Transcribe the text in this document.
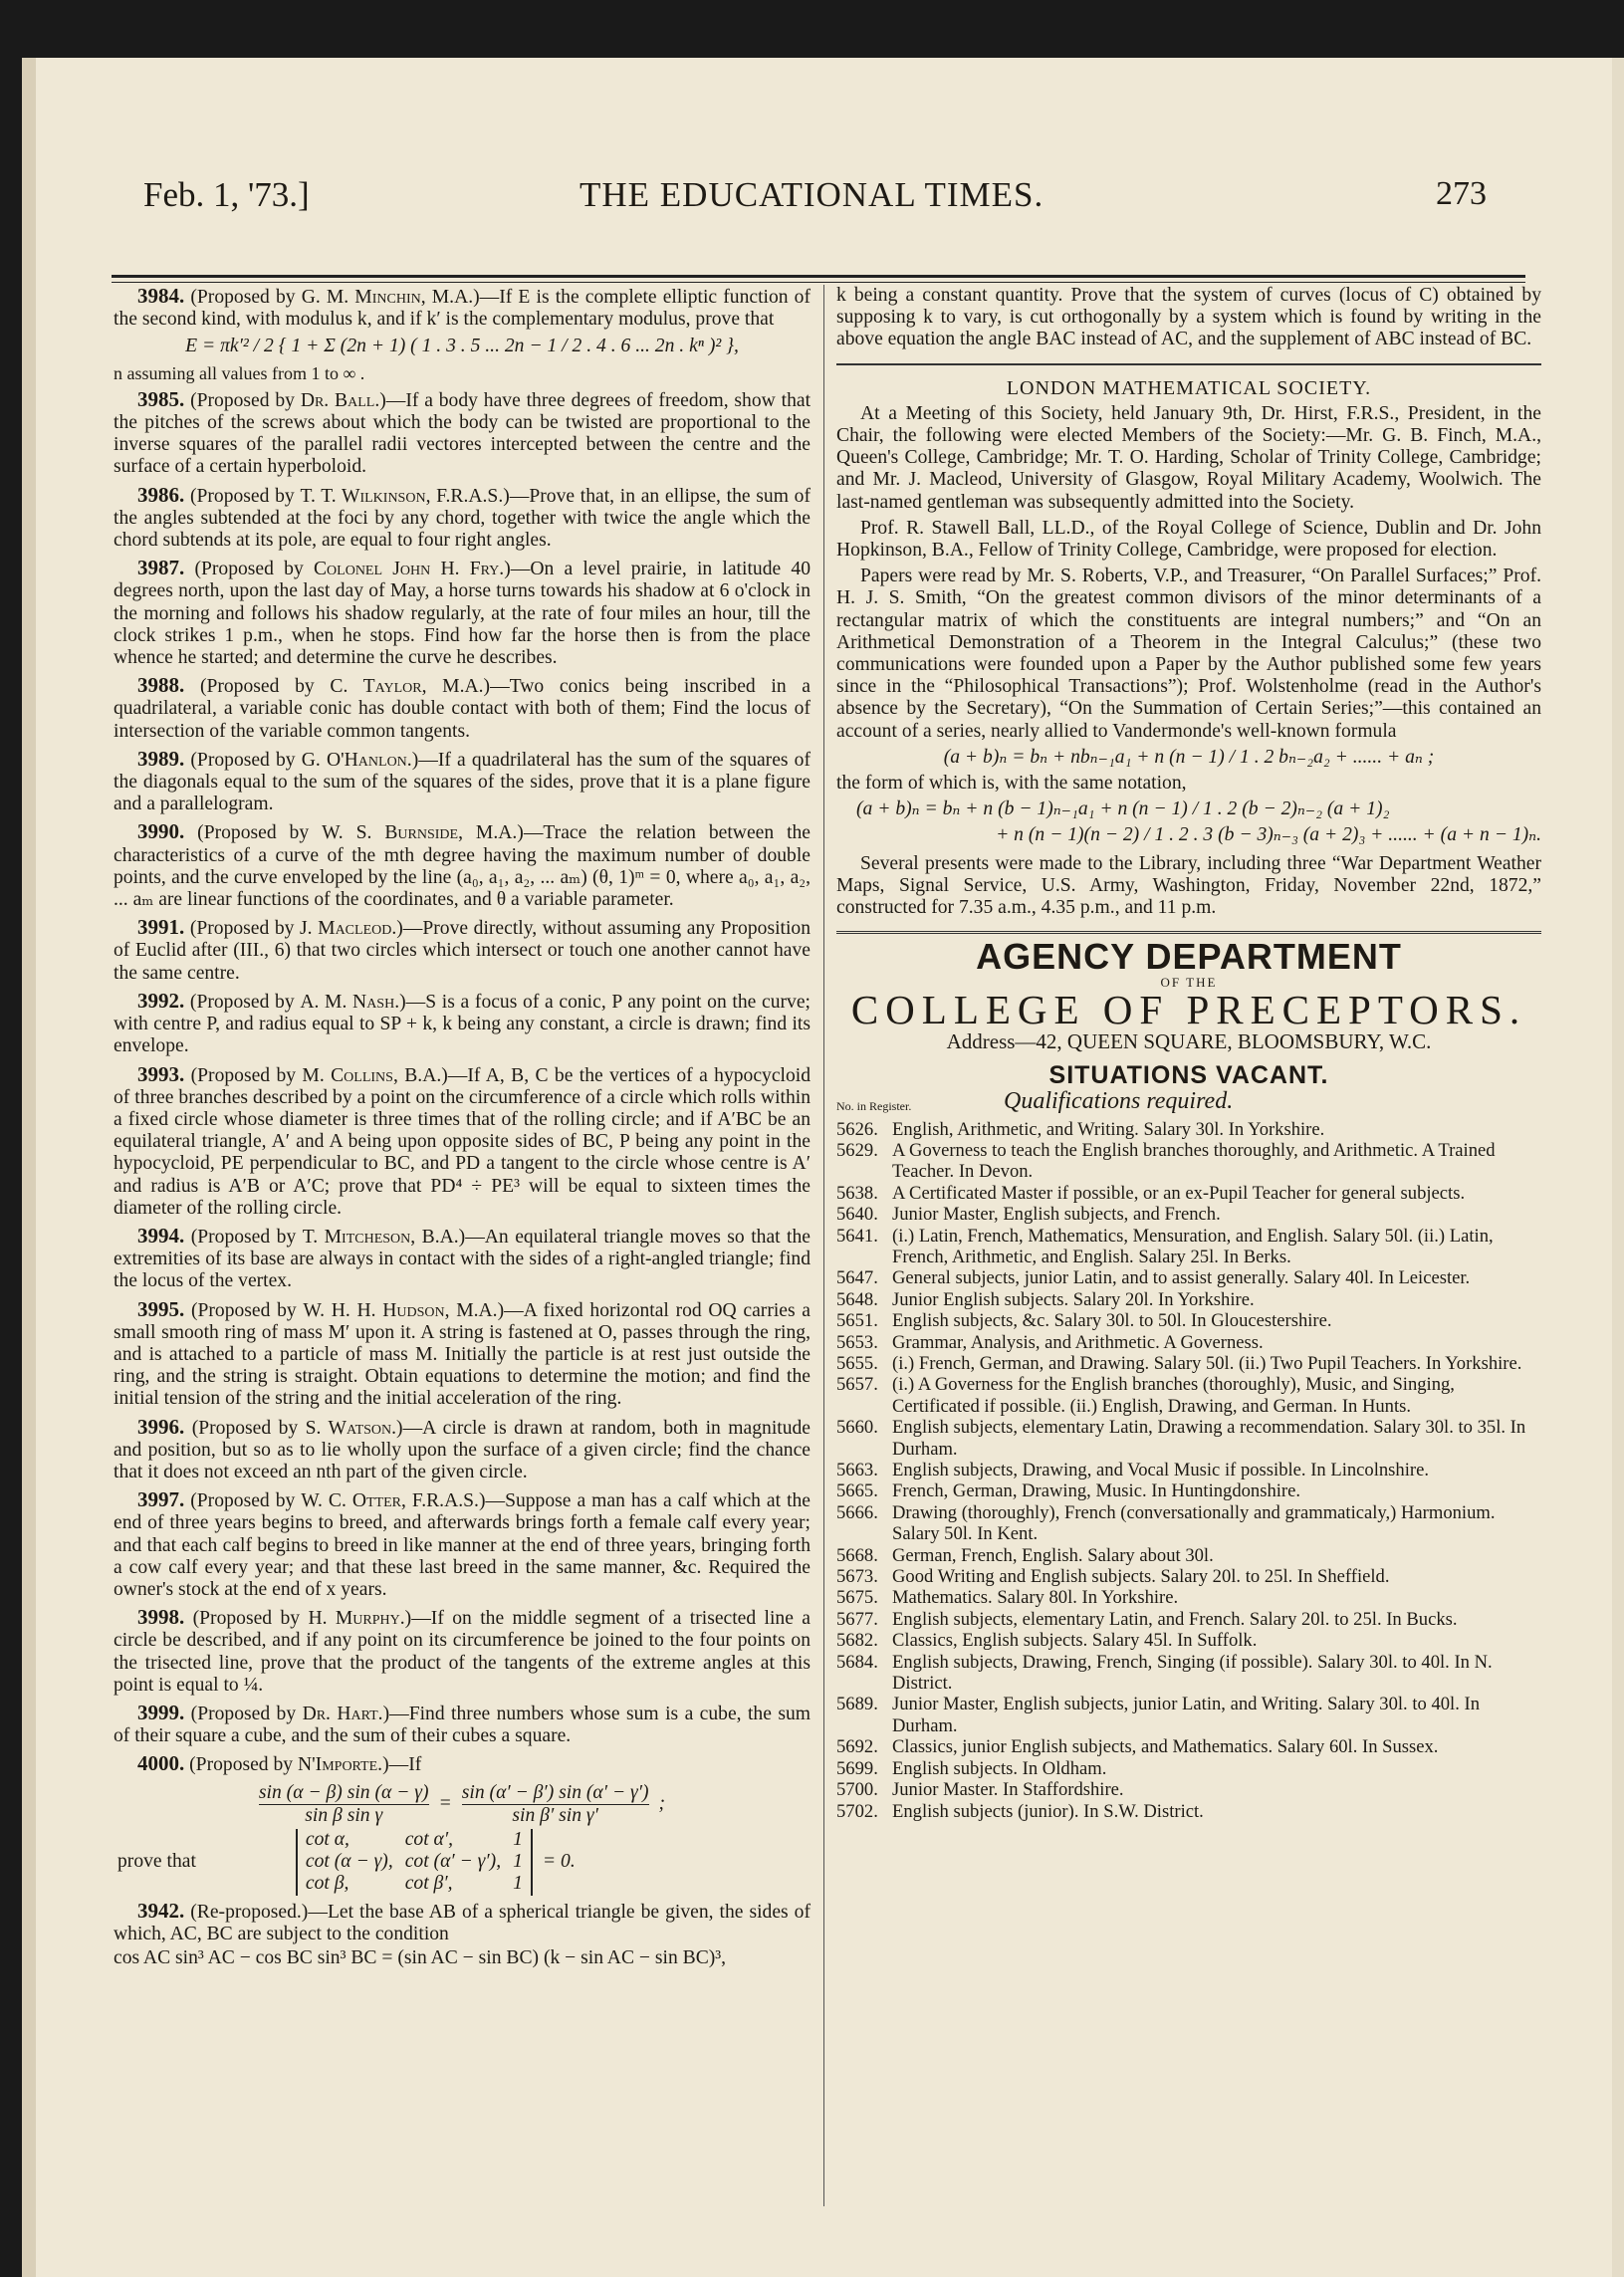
Feb. 1, '73.]	THE EDUCATIONAL TIMES.	273
3984. (Proposed by G. M. Minchin, M.A.)—If E is the complete elliptic function of the second kind, with modulus k, and if k′ is the complementary modulus, prove that
E = πk′² / 2 { 1 + Σ (2n + 1) ( 1 . 3 . 5 ... 2n − 1 / 2 . 4 . 6 ... 2n . kⁿ )² },
n assuming all values from 1 to ∞ .
3985. (Proposed by Dr. Ball.)—If a body have three degrees of freedom, show that the pitches of the screws about which the body can be twisted are proportional to the inverse squares of the parallel radii vectores intercepted between the centre and the surface of a certain hyperboloid.
3986. (Proposed by T. T. Wilkinson, F.R.A.S.)—Prove that, in an ellipse, the sum of the angles subtended at the foci by any chord, together with twice the angle which the chord subtends at its pole, are equal to four right angles.
3987. (Proposed by Colonel John H. Fry.)—On a level prairie, in latitude 40 degrees north, upon the last day of May, a horse turns towards his shadow at 6 o'clock in the morning and follows his shadow regularly, at the rate of four miles an hour, till the clock strikes 1 p.m., when he stops. Find how far the horse then is from the place whence he started; and determine the curve he describes.
3988. (Proposed by C. Taylor, M.A.)—Two conics being inscribed in a quadrilateral, a variable conic has double contact with both of them; Find the locus of intersection of the variable common tangents.
3989. (Proposed by G. O'Hanlon.)—If a quadrilateral has the sum of the squares of the diagonals equal to the sum of the squares of the sides, prove that it is a plane figure and a parallelogram.
3990. (Proposed by W. S. Burnside, M.A.)—Trace the relation between the characteristics of a curve of the mth degree having the maximum number of double points, and the curve enveloped by the line (a₀, a₁, a₂, ... aₘ) (θ, 1)ᵐ = 0, where a₀, a₁, a₂, ... aₘ are linear functions of the coordinates, and θ a variable parameter.
3991. (Proposed by J. Macleod.)—Prove directly, without assuming any Proposition of Euclid after (III., 6) that two circles which intersect or touch one another cannot have the same centre.
3992. (Proposed by A. M. Nash.)—S is a focus of a conic, P any point on the curve; with centre P, and radius equal to SP + k, k being any constant, a circle is drawn; find its envelope.
3993. (Proposed by M. Collins, B.A.)—If A, B, C be the vertices of a hypocycloid of three branches described by a point on the circumference of a circle which rolls within a fixed circle whose diameter is three times that of the rolling circle; and if A′BC be an equilateral triangle, A′ and A being upon opposite sides of BC, P being any point in the hypocycloid, PE perpendicular to BC, and PD a tangent to the circle whose centre is A′ and radius is A′B or A′C; prove that PD⁴ ÷ PE³ will be equal to sixteen times the diameter of the rolling circle.
3994. (Proposed by T. Mitcheson, B.A.)—An equilateral triangle moves so that the extremities of its base are always in contact with the sides of a right-angled triangle; find the locus of the vertex.
3995. (Proposed by W. H. H. Hudson, M.A.)—A fixed horizontal rod OQ carries a small smooth ring of mass M′ upon it. A string is fastened at O, passes through the ring, and is attached to a particle of mass M. Initially the particle is at rest just outside the ring, and the string is straight. Obtain equations to determine the motion; and find the initial tension of the string and the initial acceleration of the ring.
3996. (Proposed by S. Watson.)—A circle is drawn at random, both in magnitude and position, but so as to lie wholly upon the surface of a given circle; find the chance that it does not exceed an nth part of the given circle.
3997. (Proposed by W. C. Otter, F.R.A.S.)—Suppose a man has a calf which at the end of three years begins to breed, and afterwards brings forth a female calf every year; and that each calf begins to breed in like manner at the end of three years, bringing forth a cow calf every year; and that these last breed in the same manner, &c. Required the owner's stock at the end of x years.
3998. (Proposed by H. Murphy.)—If on the middle segment of a trisected line a circle be described, and if any point on its circumference be joined to the four points on the trisected line, prove that the product of the tangents of the extreme angles at this point is equal to ¼.
3999. (Proposed by Dr. Hart.)—Find three numbers whose sum is a cube, the sum of their square a cube, and the sum of their cubes a square.
4000. (Proposed by N'Importe.)—If
$\frac{\sin (\alpha - \beta) \sin (\alpha - \gamma)}{\text{sin β sin γ}} = \frac{\sin (\alpha' - \beta') \sin (\alpha' - \gamma')}{\text{sin β′ sin γ′}}$ ;
prove that
cot α,	cot α′,	1
cot (α − γ), cot (α′ − γ′), 1
cot β,	cot β′,	1
= 0.
3942. (Re-proposed.)—Let the base AB of a spherical triangle be given, the sides of which, AC, BC are subject to the condition
cos AC sin³ AC − cos BC sin³ BC = (sin AC − sin BC) (k − sin AC − sin BC)³,
k being a constant quantity. Prove that the system of curves (locus of C) obtained by supposing k to vary, is cut orthogonally by a system which is found by writing in the above equation the angle BAC instead of AC, and the supplement of ABC instead of BC.
LONDON MATHEMATICAL SOCIETY.
At a Meeting of this Society, held January 9th, Dr. Hirst, F.R.S., President, in the Chair, the following were elected Members of the Society:—Mr. G. B. Finch, M.A., Queen's College, Cambridge; Mr. T. O. Harding, Scholar of Trinity College, Cambridge; and Mr. J. Macleod, University of Glasgow, Royal Military Academy, Woolwich. The last-named gentleman was subsequently admitted into the Society.
Prof. R. Stawell Ball, LL.D., of the Royal College of Science, Dublin and Dr. John Hopkinson, B.A., Fellow of Trinity College, Cambridge, were proposed for election.
Papers were read by Mr. S. Roberts, V.P., and Treasurer, “On Parallel Surfaces;” Prof. H. J. S. Smith, “On the greatest common divisors of the minor determinants of a rectangular matrix of which the constituents are integral numbers;” and “On an Arithmetical Demonstration of a Theorem in the Integral Calculus;” (these two communications were founded upon a Paper by the Author published some few years since in the “Philosophical Transactions”); Prof. Wolstenholme (read in the Author's absence by the Secretary), “On the Summation of Certain Series;”—this contained an account of a series, nearly allied to Vandermonde's well-known formula
(a + b)ₙ = bₙ + nbₙ₋₁a₁ + n (n − 1) / 1 . 2 bₙ₋₂a₂ + ...... + aₙ ;
the form of which is, with the same notation,
(a + b)ₙ = bₙ + n (b − 1)ₙ₋₁a₁ + n (n − 1) / 1 . 2 (b − 2)ₙ₋₂ (a + 1)₂
+ n (n − 1)(n − 2) / 1 . 2 . 3 (b − 3)ₙ₋₃ (a + 2)₃ + ...... + (a + n − 1)ₙ.
Several presents were made to the Library, including three “War Department Weather Maps, Signal Service, U.S. Army, Washington, Friday, November 22nd, 1872,” constructed for 7.35 a.m., 4.35 p.m., and 11 p.m.
AGENCY DEPARTMENT
OF THE
COLLEGE OF PRECEPTORS.
Address—42, QUEEN SQUARE, BLOOMSBURY, W.C.
SITUATIONS VACANT.
No. in Register.	Qualifications required.
5626. English, Arithmetic, and Writing. Salary 30l. In Yorkshire.
5629. A Governess to teach the English branches thoroughly, and Arithmetic. A Trained Teacher. In Devon.
5638. A Certificated Master if possible, or an ex-Pupil Teacher for general subjects.
5640. Junior Master, English subjects, and French.
5641. (i.) Latin, French, Mathematics, Mensuration, and English. Salary 50l. (ii.) Latin, French, Arithmetic, and English. Salary 25l. In Berks.
5647. General subjects, junior Latin, and to assist generally. Salary 40l. In Leicester.
5648. Junior English subjects. Salary 20l. In Yorkshire.
5651. English subjects, &c. Salary 30l. to 50l. In Gloucestershire.
5653. Grammar, Analysis, and Arithmetic. A Governess.
5655. (i.) French, German, and Drawing. Salary 50l. (ii.) Two Pupil Teachers. In Yorkshire.
5657. (i.) A Governess for the English branches (thoroughly), Music, and Singing, Certificated if possible. (ii.) English, Drawing, and German. In Hunts.
5660. English subjects, elementary Latin, Drawing a recommendation. Salary 30l. to 35l. In Durham.
5663. English subjects, Drawing, and Vocal Music if possible. In Lincolnshire.
5665. French, German, Drawing, Music. In Huntingdonshire.
5666. Drawing (thoroughly), French (conversationally and grammaticaly,) Harmonium. Salary 50l. In Kent.
5668. German, French, English. Salary about 30l.
5673. Good Writing and English subjects. Salary 20l. to 25l. In Sheffield.
5675. Mathematics. Salary 80l. In Yorkshire.
5677. English subjects, elementary Latin, and French. Salary 20l. to 25l. In Bucks.
5682. Classics, English subjects. Salary 45l. In Suffolk.
5684. English subjects, Drawing, French, Singing (if possible). Salary 30l. to 40l. In N. District.
5689. Junior Master, English subjects, junior Latin, and Writing. Salary 30l. to 40l. In Durham.
5692. Classics, junior English subjects, and Mathematics. Salary 60l. In Sussex.
5699. English subjects. In Oldham.
5700. Junior Master. In Staffordshire.
5702. English subjects (junior). In S.W. District.
